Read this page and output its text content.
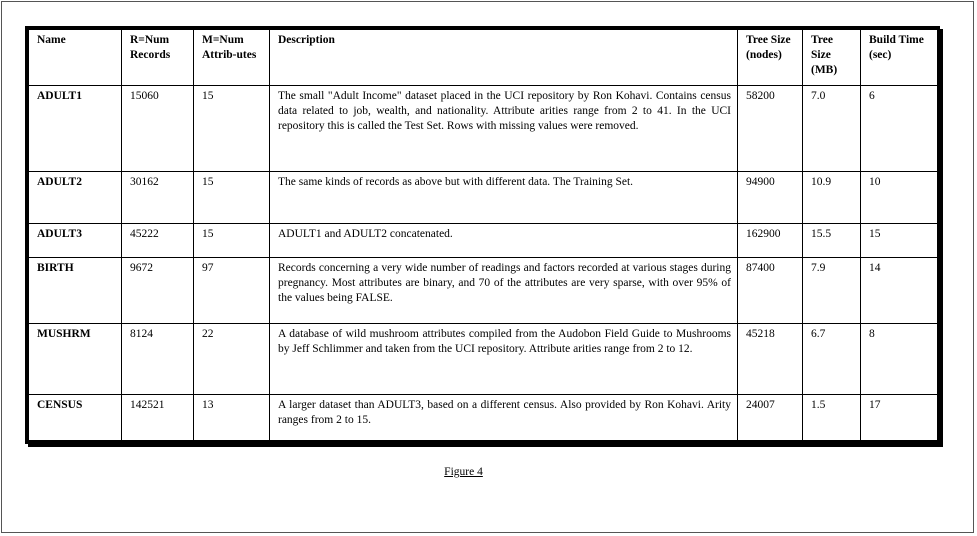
Name	R=Num Records	M=Num Attrib-utes	Description	Tree Size (nodes)	Tree Size (MB)	Build Time (sec)
ADULT1	15060	15	The small "Adult Income" dataset placed in the UCI repository by Ron Kohavi. Contains census data related to job, wealth, and nationality. Attribute arities range from 2 to 41. In the UCI repository this is called the Test Set. Rows with missing values were removed.	58200	7.0	6
ADULT2	30162	15	The same kinds of records as above but with different data. The Training Set.	94900	10.9	10
ADULT3	45222	15	ADULT1 and ADULT2 concatenated.	162900	15.5	15
BIRTH	9672	97	Records concerning a very wide number of readings and factors recorded at various stages during pregnancy. Most attributes are binary, and 70 of the attributes are very sparse, with over 95% of the values being FALSE.	87400	7.9	14
MUSHRM	8124	22	A database of wild mushroom attributes compiled from the Audobon Field Guide to Mushrooms by Jeff Schlimmer and taken from the UCI repository. Attribute arities range from 2 to 12.	45218	6.7	8
CENSUS	142521	13	A larger dataset than ADULT3, based on a different census. Also provided by Ron Kohavi. Arity ranges from 2 to 15.	24007	1.5	17
Figure 4
